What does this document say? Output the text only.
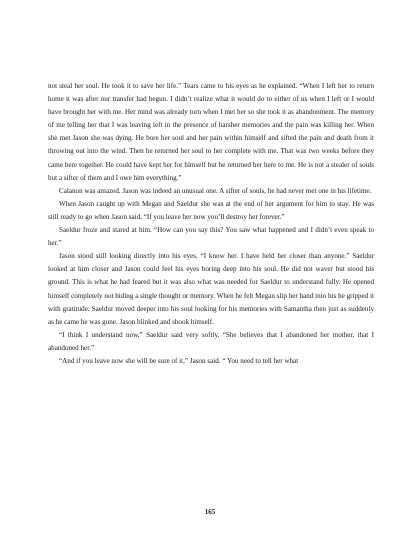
not steal her soul. He took it to save her life.” Tears came to his eyes as he explained. “When I left her to return home it was after our transfer had begun. I didn’t realize what it would do to either of us when I left or I would have brought her with me. Her mind was already torn when I met her so she took it as abandonment. The memory of me telling her that I was leaving left in the presence of harsher memories and the pain was killing her. When she met Jason she was dying. He bore her soul and her pain within himself and sifted the pain and death from it throwing out into the wind. Then he returned her soul to her complete with me. That was two weeks before they came here together. He could have kept her for himself but he returned her here to me. He is not a stealer of souls but a sifter of them and I owe him everything.”

Calanon was amazed. Jason was indeed an unusual one. A sifter of souls, he had never met one in his lifetime.

When Jason caught up with Megan and Saeldur she was at the end of her argument for him to stay. He was still ready to go when Jason said, “If you leave her now you’ll destroy her forever.”

Saeldur froze and stared at him. “How can you say this? You saw what happened and I didn’t even speak to her.”

Jason stood still looking directly into his eyes. “I know her. I have held her closer than anyone.” Saeldur looked at him closer and Jason could feel his eyes boring deep into his soul. He did not waver but stood his ground. This is what he had feared but it was also what was needed for Saeldur to understand fully. He opened himself completely not hiding a single thought or memory. When he felt Megan slip her hand into his he gripped it with gratitude. Saeldur moved deeper into his soul looking for his memories with Samantha then just as suddenly as he came he was gone. Jason blinked and shook himself.

“I think I understand now,” Saeldur said very softly. “She believes that I abandoned her mother, that I abandoned her.”

“And if you leave now she will be sure of it,” Jason said. “ You need to tell her what

165
